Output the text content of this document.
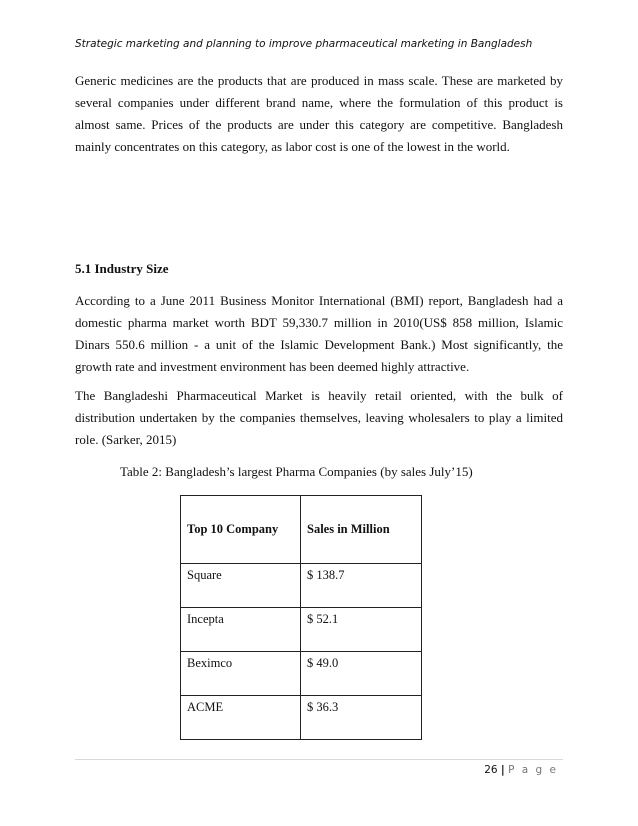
Strategic marketing and planning to improve pharmaceutical marketing in Bangladesh

Generic medicines are the products that are produced in mass scale. These are marketed by several companies under different brand name, where the formulation of this product is almost same. Prices of the products are under this category are competitive. Bangladesh mainly concentrates on this category, as labor cost is one of the lowest in the world.

5.1 Industry Size

According to a June 2011 Business Monitor International (BMI) report, Bangladesh had a domestic pharma market worth BDT 59,330.7 million in 2010(US$ 858 million, Islamic Dinars 550.6 million - a unit of the Islamic Development Bank.) Most significantly, the growth rate and investment environment has been deemed highly attractive.

The Bangladeshi Pharmaceutical Market is heavily retail oriented, with the bulk of distribution undertaken by the companies themselves, leaving wholesalers to play a limited role. (Sarker, 2015)

Table 2: Bangladesh’s largest Pharma Companies (by sales July’15)
Top 10 Company	Sales in Million
Square	$ 138.7
Incepta	$ 52.1
Beximco	$ 49.0
ACME	$ 36.3
26 | P a g e
